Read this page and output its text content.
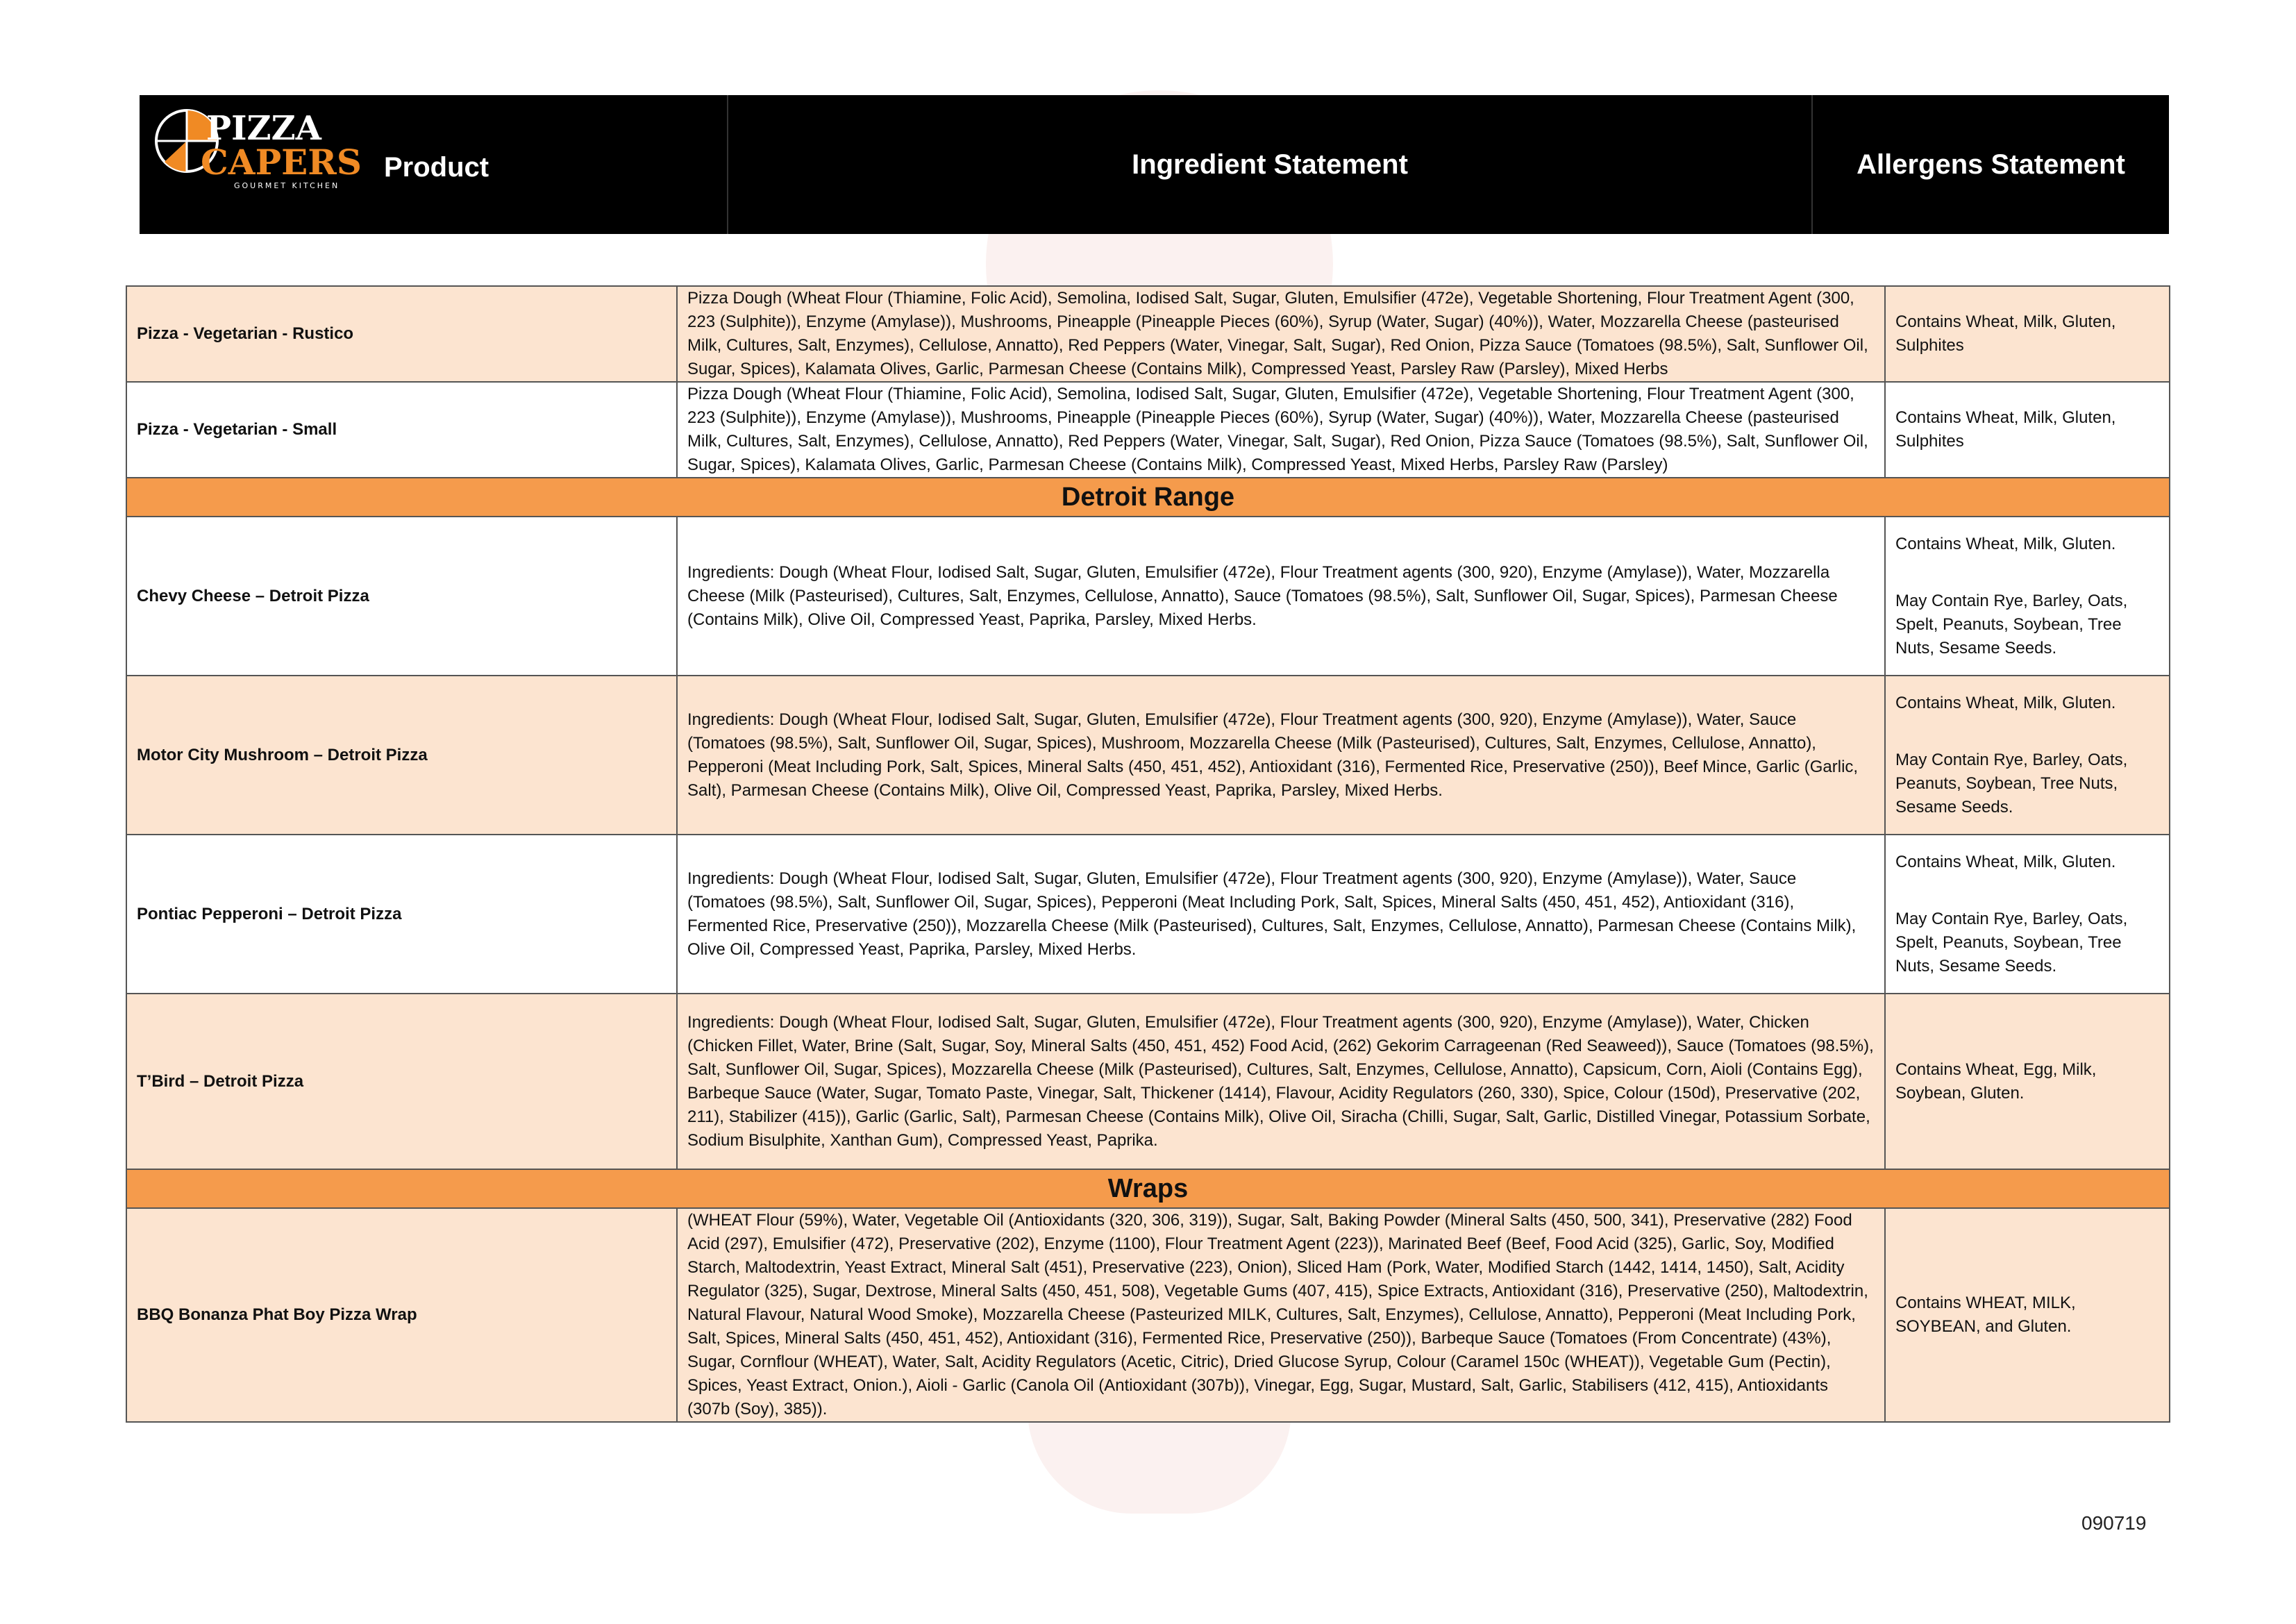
PIZZA
CAPERS
GOURMET KITCHEN
Product	Ingredient Statement	Allergens Statement
Pizza - Vegetarian - Rustico	Pizza Dough (Wheat Flour (Thiamine, Folic Acid), Semolina, Iodised Salt, Sugar, Gluten, Emulsifier (472e), Vegetable Shortening, Flour Treatment Agent (300, 223 (Sulphite)), Enzyme (Amylase)), Mushrooms, Pineapple (Pineapple Pieces (60%), Syrup (Water, Sugar) (40%)), Water, Mozzarella Cheese (pasteurised Milk, Cultures, Salt, Enzymes), Cellulose, Annatto), Red Peppers (Water, Vinegar, Salt, Sugar), Red Onion, Pizza Sauce (Tomatoes (98.5%), Salt, Sunflower Oil, Sugar, Spices), Kalamata Olives, Garlic, Parmesan Cheese (Contains Milk), Compressed Yeast, Parsley Raw (Parsley), Mixed Herbs	Contains Wheat, Milk, Gluten, Sulphites
Pizza - Vegetarian - Small	Pizza Dough (Wheat Flour (Thiamine, Folic Acid), Semolina, Iodised Salt, Sugar, Gluten, Emulsifier (472e), Vegetable Shortening, Flour Treatment Agent (300, 223 (Sulphite)), Enzyme (Amylase)), Mushrooms, Pineapple (Pineapple Pieces (60%), Syrup (Water, Sugar) (40%)), Water, Mozzarella Cheese (pasteurised Milk, Cultures, Salt, Enzymes), Cellulose, Annatto), Red Peppers (Water, Vinegar, Salt, Sugar), Red Onion, Pizza Sauce (Tomatoes (98.5%), Salt, Sunflower Oil, Sugar, Spices), Kalamata Olives, Garlic, Parmesan Cheese (Contains Milk), Compressed Yeast, Mixed Herbs, Parsley Raw (Parsley)	Contains Wheat, Milk, Gluten, Sulphites
Detroit Range		
Chevy Cheese – Detroit Pizza	Ingredients: Dough (Wheat Flour, Iodised Salt, Sugar, Gluten, Emulsifier (472e), Flour Treatment agents (300, 920), Enzyme (Amylase)), Water, Mozzarella Cheese (Milk (Pasteurised), Cultures, Salt, Enzymes, Cellulose, Annatto), Sauce (Tomatoes (98.5%), Salt, Sunflower Oil, Sugar, Spices), Parmesan Cheese (Contains Milk), Olive Oil, Compressed Yeast, Paprika, Parsley, Mixed Herbs.	Contains Wheat, Milk, Gluten.
May Contain Rye, Barley, Oats, Spelt, Peanuts, Soybean, Tree Nuts, Sesame Seeds.
Motor City Mushroom – Detroit Pizza	Ingredients: Dough (Wheat Flour, Iodised Salt, Sugar, Gluten, Emulsifier (472e), Flour Treatment agents (300, 920), Enzyme (Amylase)), Water, Sauce (Tomatoes (98.5%), Salt, Sunflower Oil, Sugar, Spices), Mushroom, Mozzarella Cheese (Milk (Pasteurised), Cultures, Salt, Enzymes, Cellulose, Annatto), Pepperoni (Meat Including Pork, Salt, Spices, Mineral Salts (450, 451, 452), Antioxidant (316), Fermented Rice, Preservative (250)), Beef Mince, Garlic (Garlic, Salt), Parmesan Cheese (Contains Milk), Olive Oil, Compressed Yeast, Paprika, Parsley, Mixed Herbs.	Contains Wheat, Milk, Gluten.
May Contain Rye, Barley, Oats, Peanuts, Soybean, Tree Nuts, Sesame Seeds.
Pontiac Pepperoni – Detroit Pizza	Ingredients: Dough (Wheat Flour, Iodised Salt, Sugar, Gluten, Emulsifier (472e), Flour Treatment agents (300, 920), Enzyme (Amylase)), Water, Sauce (Tomatoes (98.5%), Salt, Sunflower Oil, Sugar, Spices), Pepperoni (Meat Including Pork, Salt, Spices, Mineral Salts (450, 451, 452), Antioxidant (316), Fermented Rice, Preservative (250)), Mozzarella Cheese (Milk (Pasteurised), Cultures, Salt, Enzymes, Cellulose, Annatto), Parmesan Cheese (Contains Milk), Olive Oil, Compressed Yeast, Paprika, Parsley, Mixed Herbs.	Contains Wheat, Milk, Gluten.
May Contain Rye, Barley, Oats, Spelt, Peanuts, Soybean, Tree Nuts, Sesame Seeds.
T’Bird – Detroit Pizza	Ingredients: Dough (Wheat Flour, Iodised Salt, Sugar, Gluten, Emulsifier (472e), Flour Treatment agents (300, 920), Enzyme (Amylase)), Water, Chicken (Chicken Fillet, Water, Brine (Salt, Sugar, Soy, Mineral Salts (450, 451, 452) Food Acid, (262) Gekorim Carrageenan (Red Seaweed)), Sauce (Tomatoes (98.5%), Salt, Sunflower Oil, Sugar, Spices), Mozzarella Cheese (Milk (Pasteurised), Cultures, Salt, Enzymes, Cellulose, Annatto), Capsicum, Corn, Aioli (Contains Egg), Barbeque Sauce (Water, Sugar, Tomato Paste, Vinegar, Salt, Thickener (1414), Flavour, Acidity Regulators (260, 330), Spice, Colour (150d), Preservative (202, 211), Stabilizer (415)), Garlic (Garlic, Salt), Parmesan Cheese (Contains Milk), Olive Oil, Siracha (Chilli, Sugar, Salt, Garlic, Distilled Vinegar, Potassium Sorbate, Sodium Bisulphite, Xanthan Gum), Compressed Yeast, Paprika.	Contains Wheat, Egg, Milk, Soybean, Gluten.
Wraps		
BBQ Bonanza Phat Boy Pizza Wrap	(WHEAT Flour (59%), Water, Vegetable Oil (Antioxidants (320, 306, 319)), Sugar, Salt, Baking Powder (Mineral Salts (450, 500, 341), Preservative (282) Food Acid (297), Emulsifier (472), Preservative (202), Enzyme (1100), Flour Treatment Agent (223)), Marinated Beef (Beef, Food Acid (325), Garlic, Soy, Modified Starch, Maltodextrin, Yeast Extract, Mineral Salt (451), Preservative (223), Onion), Sliced Ham (Pork, Water, Modified Starch (1442, 1414, 1450), Salt, Acidity Regulator (325), Sugar, Dextrose, Mineral Salts (450, 451, 508), Vegetable Gums (407, 415), Spice Extracts, Antioxidant (316), Preservative (250), Maltodextrin, Natural Flavour, Natural Wood Smoke), Mozzarella Cheese (Pasteurized MILK, Cultures, Salt, Enzymes), Cellulose, Annatto), Pepperoni (Meat Including Pork, Salt, Spices, Mineral Salts (450, 451, 452), Antioxidant (316), Fermented Rice, Preservative (250)), Barbeque Sauce (Tomatoes (From Concentrate) (43%), Sugar, Cornflour (WHEAT), Water, Salt, Acidity Regulators (Acetic, Citric), Dried Glucose Syrup, Colour (Caramel 150c (WHEAT)), Vegetable Gum (Pectin), Spices, Yeast Extract, Onion.), Aioli - Garlic (Canola Oil (Antioxidant (307b)), Vinegar, Egg, Sugar, Mustard, Salt, Garlic, Stabilisers (412, 415), Antioxidants (307b (Soy), 385)).	Contains WHEAT, MILK, SOYBEAN, and Gluten.
090719
